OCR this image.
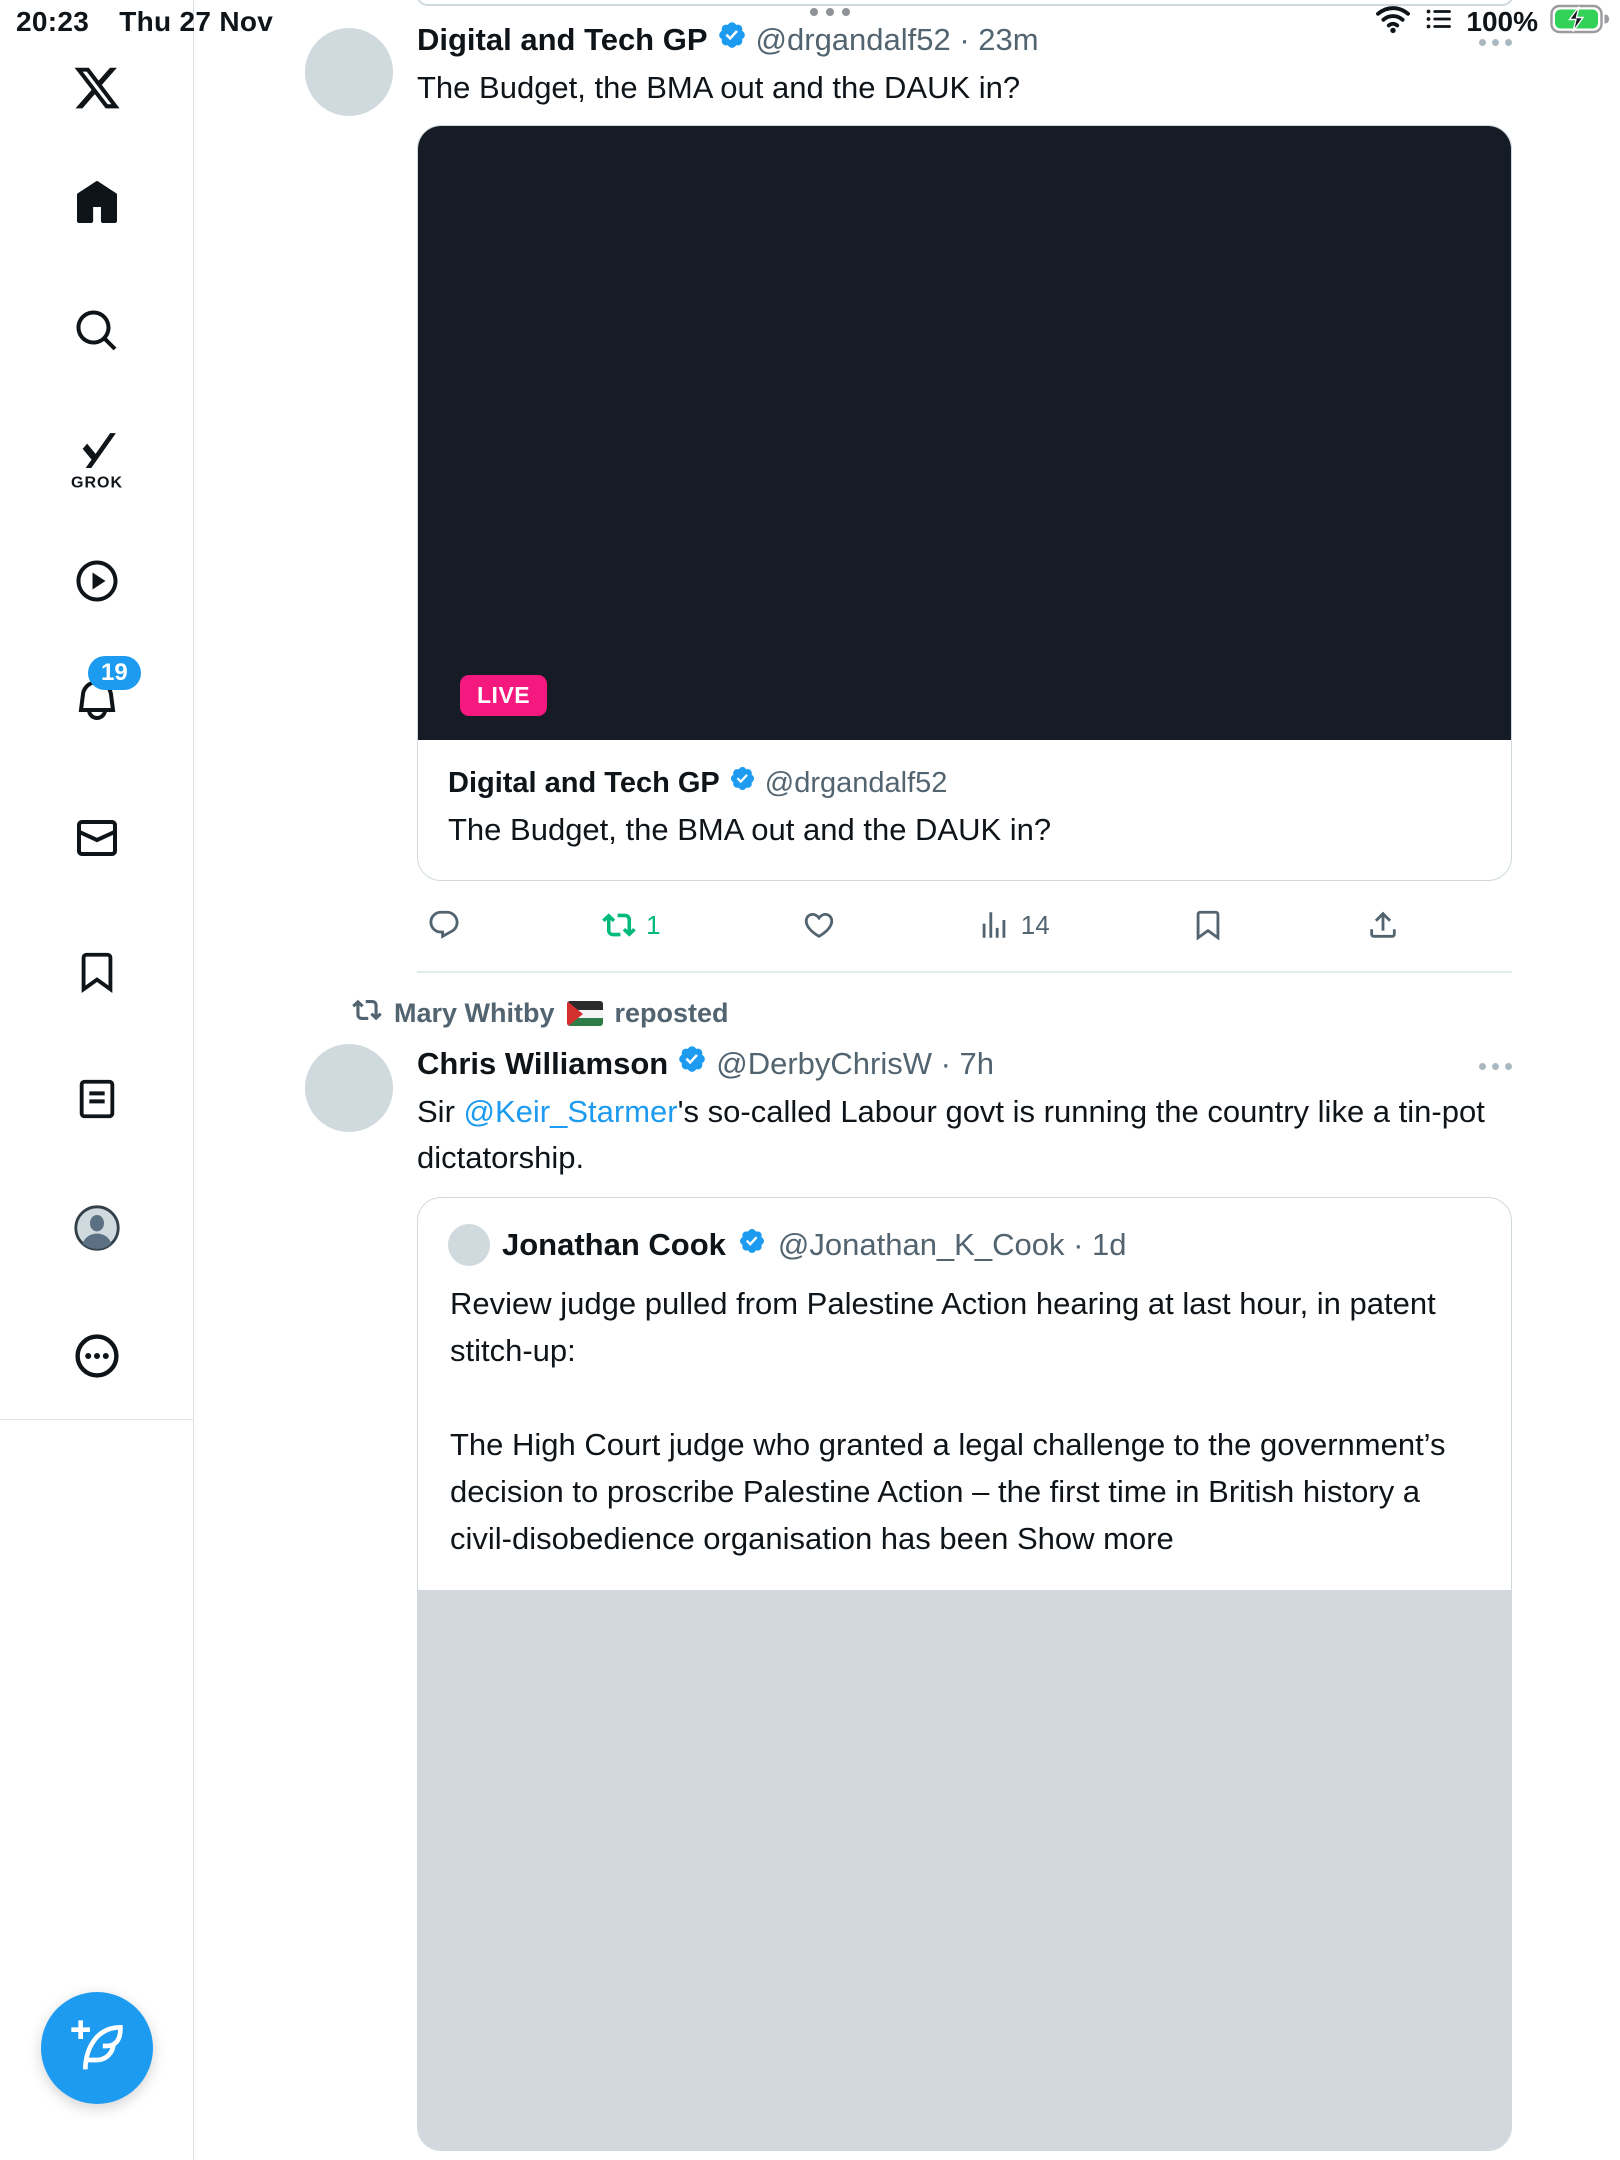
20:23 Thu 27 Nov	100%
GROK
19
Digital and Tech GP @drgandalf52 · 23m
The Budget, the BMA out and the DAUK in?
LIVE
Digital and Tech GP @drgandalf52
The Budget, the BMA out and the DAUK in?
1	14
Mary Whitby reposted
Chris Williamson @DerbyChrisW · 7h
Sir @Keir_Starmer's so-called Labour govt is running the country like a tin-pot dictatorship.
Jonathan Cook @Jonathan_K_Cook · 1d
Review judge pulled from Palestine Action hearing at last hour, in patent stitch-up:
The High Court judge who granted a legal challenge to the government’s decision to proscribe Palestine Action – the first time in British history a civil-disobedience organisation has been Show more
